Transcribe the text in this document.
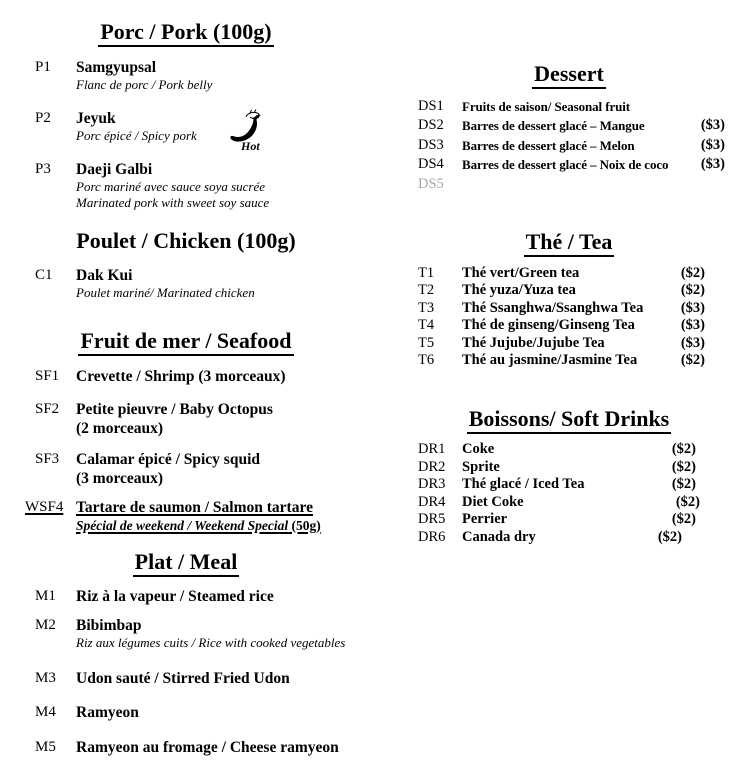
Porc / Pork (100g)
P1	Samgyupsal
Flanc de porc / Pork belly
P2	Jeyuk
Porc épicé / Spicy pork
Hot
P3	Daeji Galbi
Porc mariné avec sauce soya sucrée
Marinated pork with sweet soy sauce
Poulet / Chicken (100g)
C1	Dak Kui
Poulet mariné/ Marinated chicken
Fruit de mer / Seafood
SF1	Crevette / Shrimp (3 morceaux)
SF2	Petite pieuvre / Baby Octopus
(2 morceaux)
SF3	Calamar épicé / Spicy squid
(3 morceaux)
WSF4 Tartare de saumon / Salmon tartare
Spécial de weekend / Weekend Special (50g)
Plat / Meal
M1	Riz à la vapeur / Steamed rice
M2	Bibimbap
Riz aux légumes cuits / Rice with cooked vegetables
M3	Udon sauté / Stirred Fried Udon
M4	Ramyeon
M5	Ramyeon au fromage / Cheese ramyeon
Dessert
DS1	Fruits de saison/ Seasonal fruit
DS2	Barres de dessert glacé – Mangue	($3)
DS3	Barres de dessert glacé – Melon	($3)
DS4	Barres de dessert glacé – Noix de coco ($3)
DS5
Thé / Tea
T1	Thé vert/Green tea	($2)
T2	Thé yuza/Yuza tea	($2)
T3	Thé Ssanghwa/Ssanghwa Tea	($3)
T4	Thé de ginseng/Ginseng Tea	($3)
T5	Thé Jujube/Jujube Tea	($3)
T6	Thé au jasmine/Jasmine Tea	($2)
Boissons/ Soft Drinks
DR1	Coke	($2)
DR2	Sprite	($2)
DR3	Thé glacé / Iced Tea	($2)
DR4	Diet Coke	($2)
DR5	Perrier	($2)
DR6	Canada dry	($2)
